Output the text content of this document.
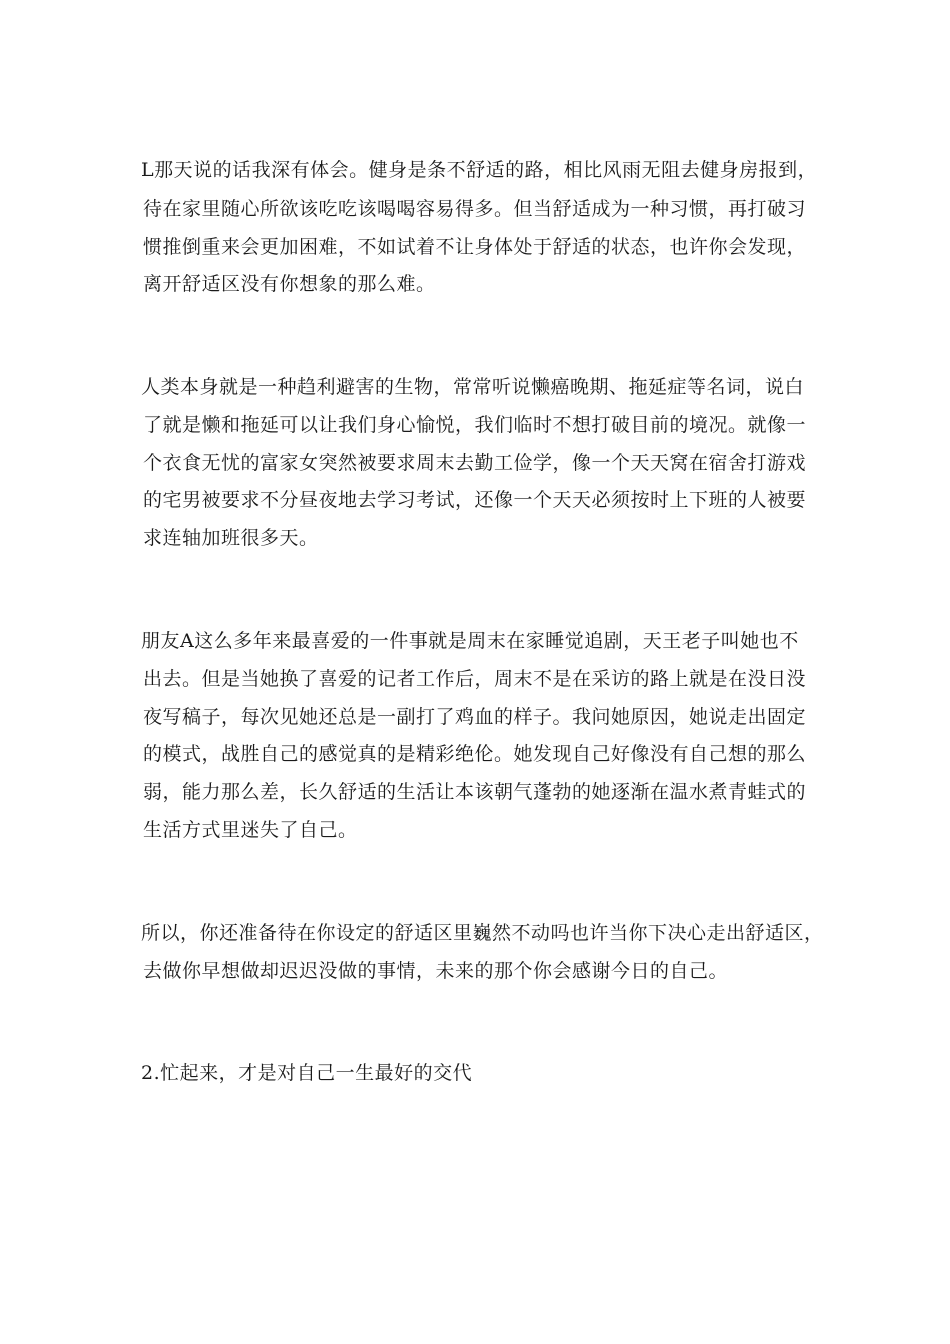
L那天说的话我深有体会。健身是条不舒适的路，相比风雨无阻去健身房报到，
待在家里随心所欲该吃吃该喝喝容易得多。但当舒适成为一种习惯，再打破习
惯推倒重来会更加困难，不如试着不让身体处于舒适的状态，也许你会发现，
离开舒适区没有你想象的那么难。
人类本身就是一种趋利避害的生物，常常听说懒癌晚期、拖延症等名词，说白
了就是懒和拖延可以让我们身心愉悦，我们临时不想打破目前的境况。就像一
个衣食无忧的富家女突然被要求周末去勤工俭学，像一个天天窝在宿舍打游戏
的宅男被要求不分昼夜地去学习考试，还像一个天天必须按时上下班的人被要
求连轴加班很多天。
朋友A这么多年来最喜爱的一件事就是周末在家睡觉追剧，天王老子叫她也不
出去。但是当她换了喜爱的记者工作后，周末不是在采访的路上就是在没日没
夜写稿子，每次见她还总是一副打了鸡血的样子。我问她原因，她说走出固定
的模式，战胜自己的感觉真的是精彩绝伦。她发现自己好像没有自己想的那么
弱，能力那么差，长久舒适的生活让本该朝气蓬勃的她逐渐在温水煮青蛙式的
生活方式里迷失了自己。
所以，你还准备待在你设定的舒适区里巍然不动吗也许当你下决心走出舒适区，
去做你早想做却迟迟没做的事情，未来的那个你会感谢今日的自己。
2.忙起来，才是对自己一生最好的交代
